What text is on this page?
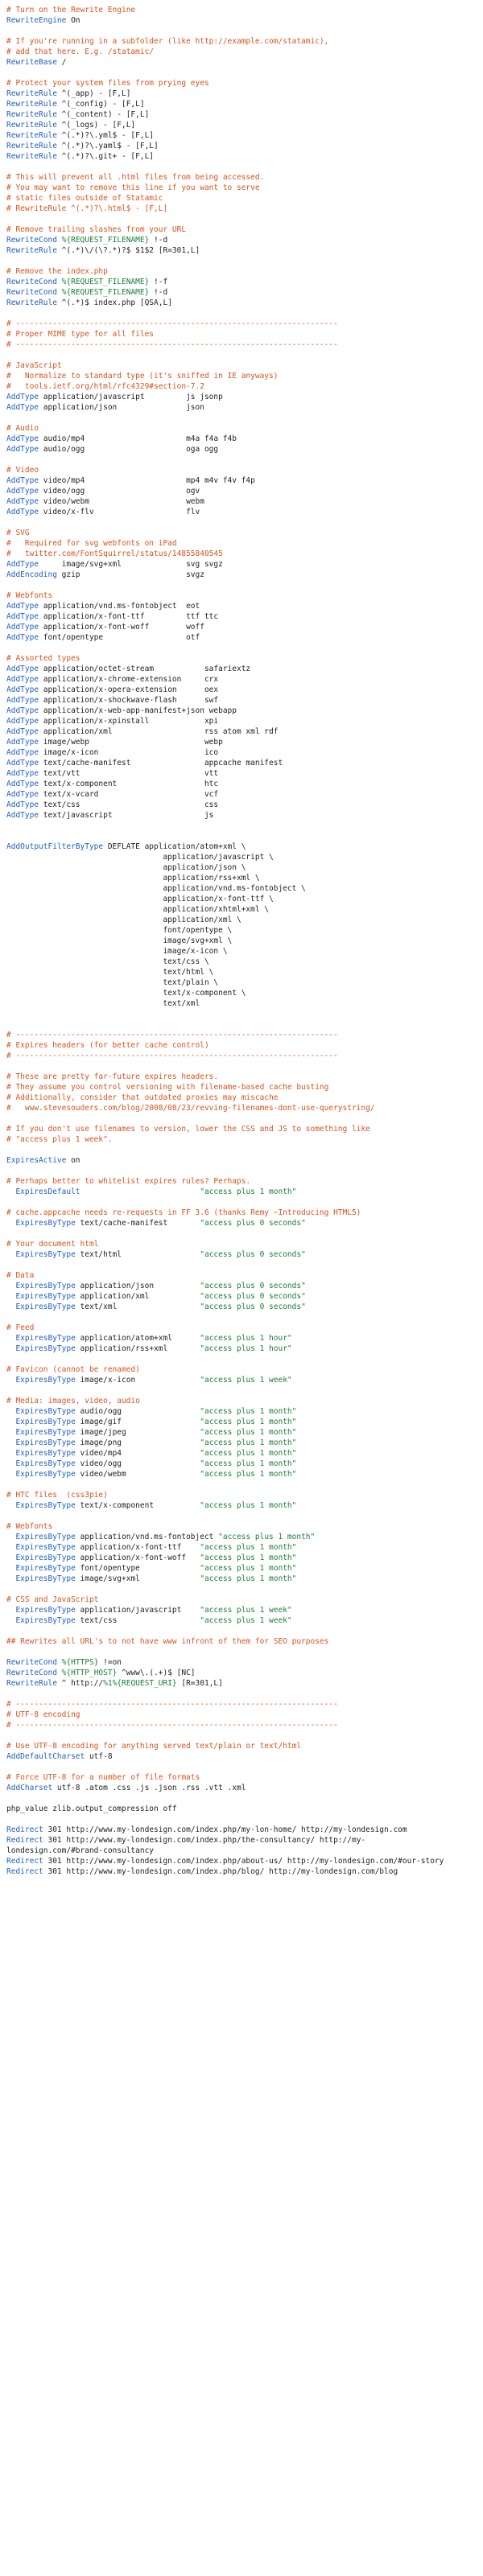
# Turn on the Rewrite Engine
RewriteEngine On
# If you're running in a subfolder (like http://example.com/statamic),
# add that here. E.g. /statamic/
RewriteBase /
# Protect your system files from prying eyes
RewriteRule ^(_app) - [F,L]
RewriteRule ^(_config) - [F,L]
RewriteRule ^(_content) - [F,L]
RewriteRule ^(_logs) - [F,L]
RewriteRule ^(.*)?\.yml$ - [F,L]
RewriteRule ^(.*)?\.yaml$ - [F,L]
RewriteRule ^(.*)?\.git+ - [F,L]
# This will prevent all .html files from being accessed.
# You may want to remove this line if you want to serve
# static files outside of Statamic
# RewriteRule ^(.*)?\.html$ - [F,L]
# Remove trailing slashes from your URL
RewriteCond %{REQUEST_FILENAME} !-d
RewriteRule ^(.*)\/(\?.*)?$ $1$2 [R=301,L]
# Remove the index.php
RewriteCond %{REQUEST_FILENAME} !-f
RewriteCond %{REQUEST_FILENAME} !-d
RewriteRule ^(.*)$ index.php [QSA,L]
# ----------------------------------------------------------------------
# Proper MIME type for all files
# ----------------------------------------------------------------------
# JavaScript
#   Normalize to standard type (it's sniffed in IE anyways)
#   tools.ietf.org/html/rfc4329#section-7.2
AddType application/javascript         js jsonp
AddType application/json               json
# Audio
AddType audio/mp4                      m4a f4a f4b
AddType audio/ogg                      oga ogg
# Video
AddType video/mp4                      mp4 m4v f4v f4p
AddType video/ogg                      ogv
AddType video/webm                     webm
AddType video/x-flv                    flv
# SVG
#   Required for svg webfonts on iPad
#   twitter.com/FontSquirrel/status/14855840545
AddType     image/svg+xml              svg svgz
AddEncoding gzip                       svgz
# Webfonts
AddType application/vnd.ms-fontobject  eot
AddType application/x-font-ttf         ttf ttc
AddType application/x-font-woff        woff
AddType font/opentype                  otf
# Assorted types
AddType application/octet-stream           safariextz
AddType application/x-chrome-extension     crx
AddType application/x-opera-extension      oex
AddType application/x-shockwave-flash      swf
AddType application/x-web-app-manifest+json webapp
AddType application/x-xpinstall            xpi
AddType application/xml                    rss atom xml rdf
AddType image/webp                         webp
AddType image/x-icon                       ico
AddType text/cache-manifest                appcache manifest
AddType text/vtt                           vtt
AddType text/x-component                   htc
AddType text/x-vcard                       vcf
AddType text/css                           css
AddType text/javascript                    js
AddOutputFilterByType DEFLATE application/atom+xml \
application/javascript \
application/json \
application/rss+xml \
application/vnd.ms-fontobject \
application/x-font-ttf \
application/xhtml+xml \
application/xml \
font/opentype \
image/svg+xml \
image/x-icon \
text/css \
text/html \
text/plain \
text/x-component \
text/xml
# ----------------------------------------------------------------------
# Expires headers (for better cache control)
# ----------------------------------------------------------------------
# These are pretty far-future expires headers.
# They assume you control versioning with filename-based cache busting
# Additionally, consider that outdated proxies may miscache
#   www.stevesouders.com/blog/2008/08/23/revving-filenames-dont-use-querystring/
# If you don't use filenames to version, lower the CSS and JS to something like
# "access plus 1 week".
ExpiresActive on
# Perhaps better to whitelist expires rules? Perhaps.
ExpiresDefault	"access plus 1 month"
# cache.appcache needs re-requests in FF 3.6 (thanks Remy ~Introducing HTML5)
ExpiresByType text/cache-manifest       "access plus 0 seconds"
# Your document html
ExpiresByType text/html                 "access plus 0 seconds"
# Data
ExpiresByType application/json          "access plus 0 seconds"
ExpiresByType application/xml           "access plus 0 seconds"
ExpiresByType text/xml                  "access plus 0 seconds"
# Feed
ExpiresByType application/atom+xml      "access plus 1 hour"
ExpiresByType application/rss+xml       "access plus 1 hour"
# Favicon (cannot be renamed)
ExpiresByType image/x-icon              "access plus 1 week"
# Media: images, video, audio
ExpiresByType audio/ogg                 "access plus 1 month"
ExpiresByType image/gif                 "access plus 1 month"
ExpiresByType image/jpeg                "access plus 1 month"
ExpiresByType image/png                 "access plus 1 month"
ExpiresByType video/mp4                 "access plus 1 month"
ExpiresByType video/ogg                 "access plus 1 month"
ExpiresByType video/webm                "access plus 1 month"
# HTC files  (css3pie)
ExpiresByType text/x-component          "access plus 1 month"
# Webfonts
ExpiresByType application/vnd.ms-fontobject "access plus 1 month"
ExpiresByType application/x-font-ttf    "access plus 1 month"
ExpiresByType application/x-font-woff   "access plus 1 month"
ExpiresByType font/opentype             "access plus 1 month"
ExpiresByType image/svg+xml             "access plus 1 month"
# CSS and JavaScript
ExpiresByType application/javascript    "access plus 1 week"
ExpiresByType text/css                  "access plus 1 week"
## Rewrites all URL's to not have www infront of them for SEO purposes
RewriteCond %{HTTPS} !=on
RewriteCond %{HTTP_HOST} ^www\.(.+)$ [NC]
RewriteRule ^ http://%1%{REQUEST_URI} [R=301,L]
# ----------------------------------------------------------------------
# UTF-8 encoding
# ----------------------------------------------------------------------
# Use UTF-8 encoding for anything served text/plain or text/html
AddDefaultCharset utf-8
# Force UTF-8 for a number of file formats
AddCharset utf-8 .atom .css .js .json .rss .vtt .xml
php_value zlib.output_compression off
Redirect 301 http://www.my-londesign.com/index.php/my-lon-home/ http://my-londesign.com
Redirect 301 http://www.my-londesign.com/index.php/the-consultancy/ http://my-
londesign.com/#brand-consultancy
Redirect 301 http://www.my-londesign.com/index.php/about-us/ http://my-londesign.com/#our-story
Redirect 301 http://www.my-londesign.com/index.php/blog/ http://my-londesign.com/blog
